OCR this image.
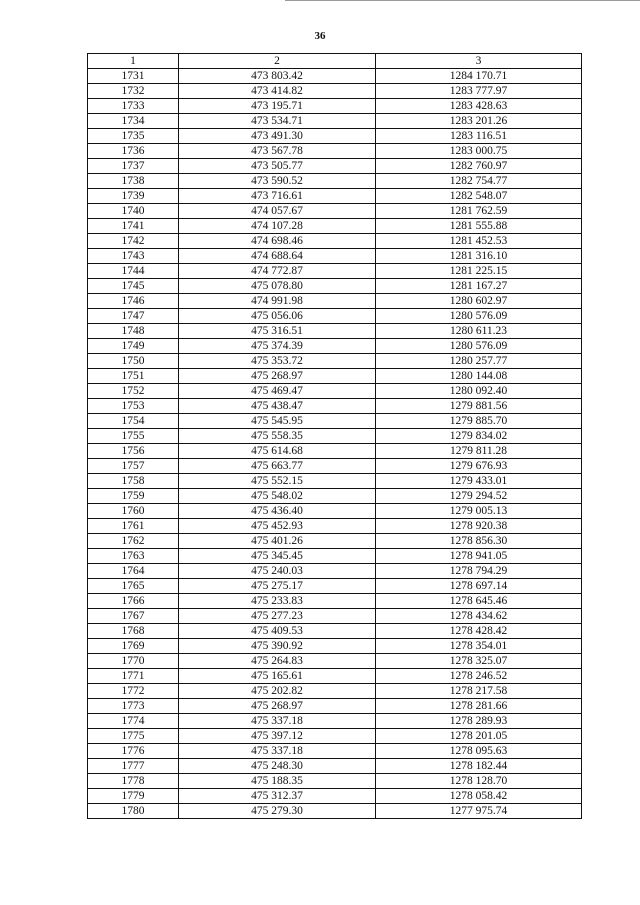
36
1	2	3
1731	473 803.42	1284 170.71
1732	473 414.82	1283 777.97
1733	473 195.71	1283 428.63
1734	473 534.71	1283 201.26
1735	473 491.30	1283 116.51
1736	473 567.78	1283 000.75
1737	473 505.77	1282 760.97
1738	473 590.52	1282 754.77
1739	473 716.61	1282 548.07
1740	474 057.67	1281 762.59
1741	474 107.28	1281 555.88
1742	474 698.46	1281 452.53
1743	474 688.64	1281 316.10
1744	474 772.87	1281 225.15
1745	475 078.80	1281 167.27
1746	474 991.98	1280 602.97
1747	475 056.06	1280 576.09
1748	475 316.51	1280 611.23
1749	475 374.39	1280 576.09
1750	475 353.72	1280 257.77
1751	475 268.97	1280 144.08
1752	475 469.47	1280 092.40
1753	475 438.47	1279 881.56
1754	475 545.95	1279 885.70
1755	475 558.35	1279 834.02
1756	475 614.68	1279 811.28
1757	475 663.77	1279 676.93
1758	475 552.15	1279 433.01
1759	475 548.02	1279 294.52
1760	475 436.40	1279 005.13
1761	475 452.93	1278 920.38
1762	475 401.26	1278 856.30
1763	475 345.45	1278 941.05
1764	475 240.03	1278 794.29
1765	475 275.17	1278 697.14
1766	475 233.83	1278 645.46
1767	475 277.23	1278 434.62
1768	475 409.53	1278 428.42
1769	475 390.92	1278 354.01
1770	475 264.83	1278 325.07
1771	475 165.61	1278 246.52
1772	475 202.82	1278 217.58
1773	475 268.97	1278 281.66
1774	475 337.18	1278 289.93
1775	475 397.12	1278 201.05
1776	475 337.18	1278 095.63
1777	475 248.30	1278 182.44
1778	475 188.35	1278 128.70
1779	475 312.37	1278 058.42
1780	475 279.30	1277 975.74
